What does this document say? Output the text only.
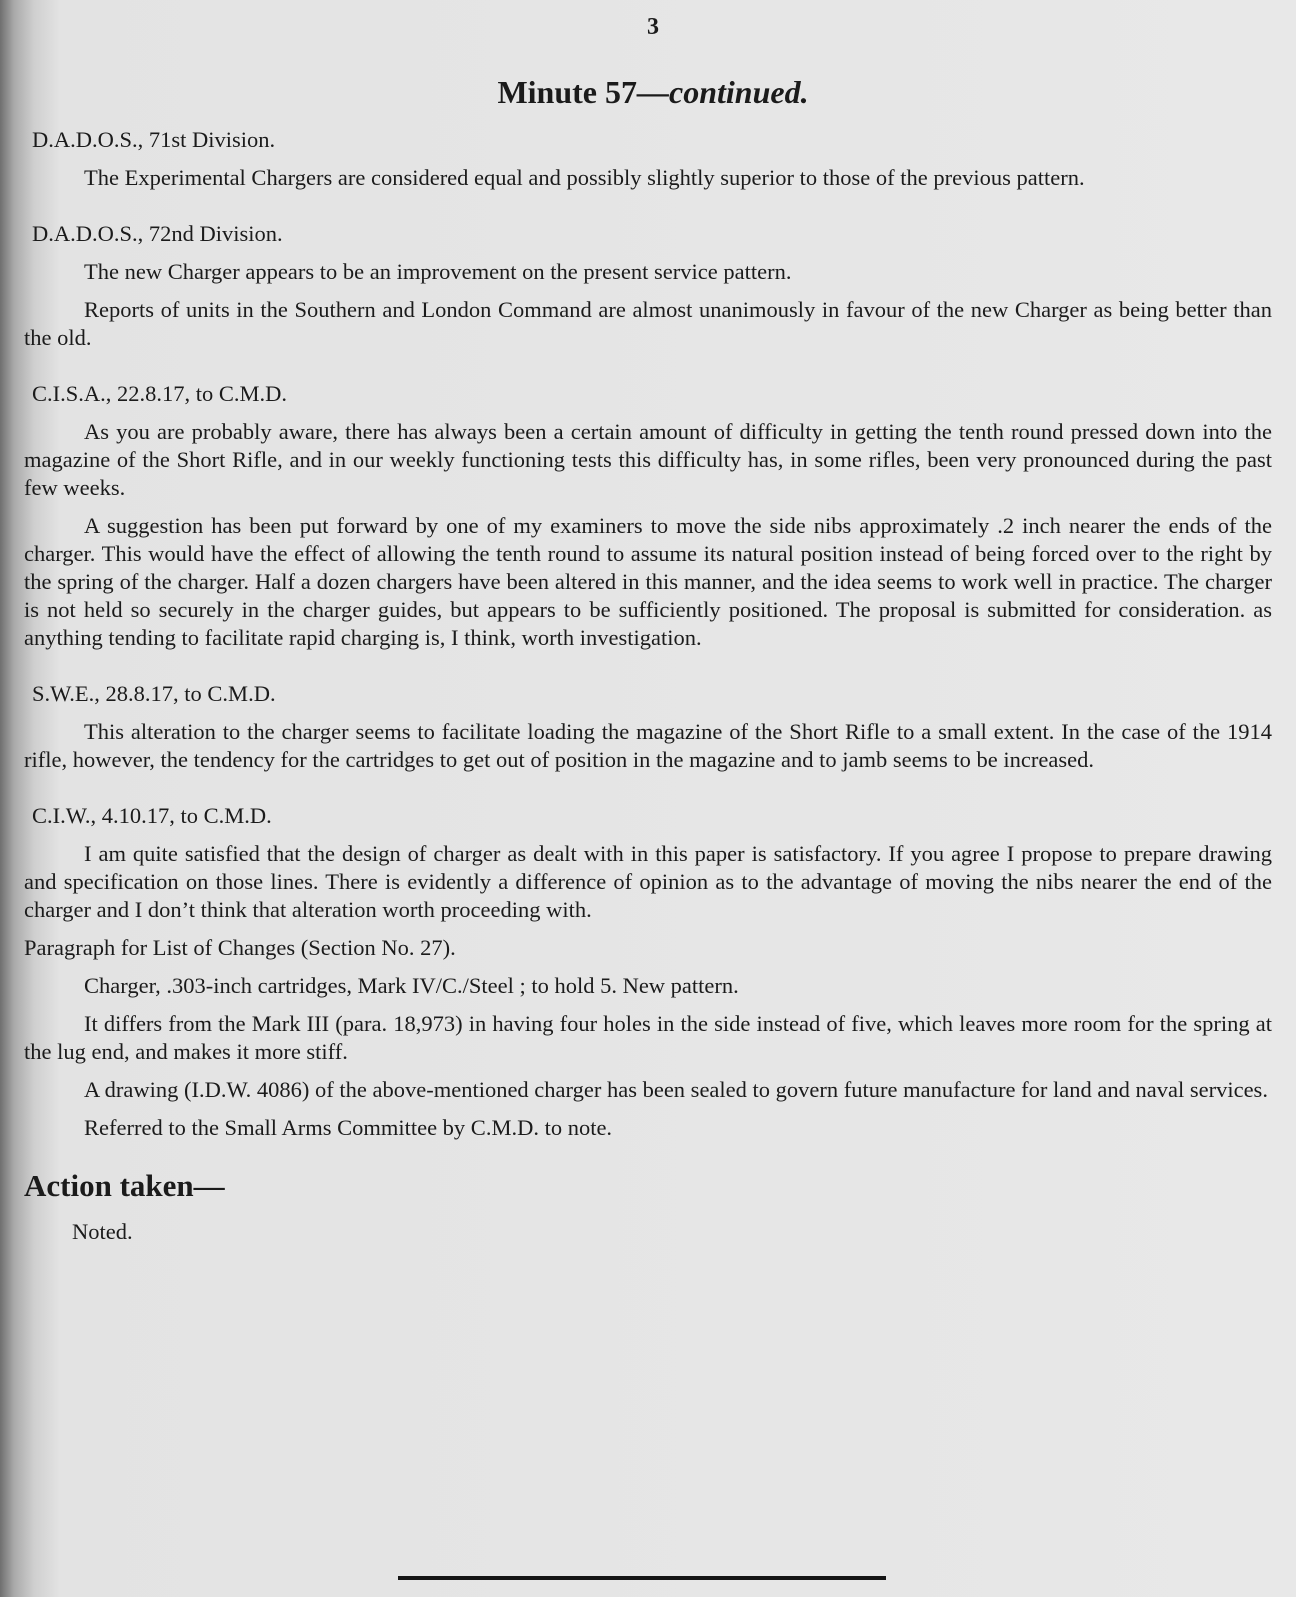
3
Minute 57—continued.

D.A.D.O.S., 71st Division.

The Experimental Chargers are considered equal and possibly slightly superior to those of the previous pattern.

D.A.D.O.S., 72nd Division.

The new Charger appears to be an improvement on the present service pattern.

Reports of units in the Southern and London Command are almost unanimously in favour of the new Charger as being better than the old.

C.I.S.A., 22.8.17, to C.M.D.

As you are probably aware, there has always been a certain amount of difficulty in getting the tenth round pressed down into the magazine of the Short Rifle, and in our weekly functioning tests this difficulty has, in some rifles, been very pronounced during the past few weeks.

A suggestion has been put forward by one of my examiners to move the side nibs approximately .2 inch nearer the ends of the charger. This would have the effect of allowing the tenth round to assume its natural position instead of being forced over to the right by the spring of the charger. Half a dozen chargers have been altered in this manner, and the idea seems to work well in practice. The charger is not held so securely in the charger guides, but appears to be sufficiently positioned. The proposal is submitted for consideration. as anything tending to facilitate rapid charging is, I think, worth investigation.

S.W.E., 28.8.17, to C.M.D.

This alteration to the charger seems to facilitate loading the magazine of the Short Rifle to a small extent. In the case of the 1914 rifle, however, the tendency for the cartridges to get out of position in the magazine and to jamb seems to be increased.

C.I.W., 4.10.17, to C.M.D.

I am quite satisfied that the design of charger as dealt with in this paper is satisfactory. If you agree I propose to prepare drawing and specification on those lines. There is evidently a difference of opinion as to the advantage of moving the nibs nearer the end of the charger and I don’t think that alteration worth proceeding with.

Paragraph for List of Changes (Section No. 27).

Charger, .303-inch cartridges, Mark IV/C./Steel ; to hold 5. New pattern.

It differs from the Mark III (para. 18,973) in having four holes in the side instead of five, which leaves more room for the spring at the lug end, and makes it more stiff.

A drawing (I.D.W. 4086) of the above-mentioned charger has been sealed to govern future manufacture for land and naval services.

Referred to the Small Arms Committee by C.M.D. to note.

Action taken—

Noted.
